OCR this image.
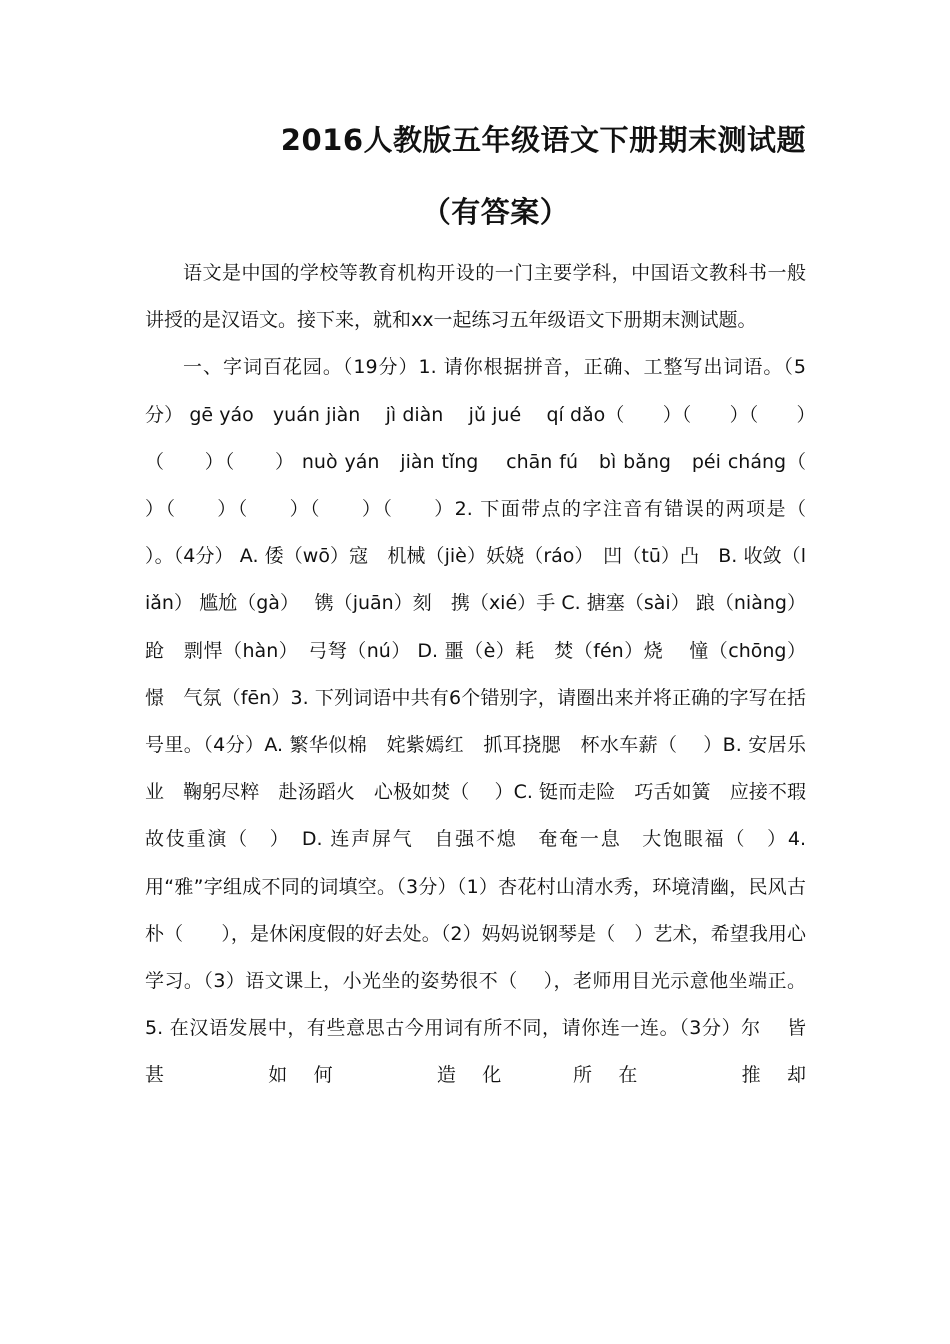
2016人教版五年级语文下册期末测试题
（有答案）

语文是中国的学校等教育机构开设的一门主要学科，中国语文教科书一般讲授的是汉语文。接下来，就和xx一起练习五年级语文下册期末测试题。

一、字词百花园。（19分）1. 请你根据拼音，正确、工整写出词语。（5分） gē yáo　yuán jiàn　 jì diàn　 jǔ jué　 qí dǎo（　　）（　　）（　　）（　　）（　　） nuò yán　jiàn tǐng　 chān fú　bì bǎng　péi cháng（　　）（　　）（　　）（　　）（　　）2. 下面带点的字注音有错误的两项是（　　）。（4分） A. 倭（wō）寇　机械（jiè）妖娆（ráo）　凹（tū）凸　B. 收敛（liǎn） 尴尬（gà）　 镌（juān）刻　携（xié）手 C. 搪塞（sài） 踉（niàng）跄　剽悍（hàn）　弓弩（nú） D. 噩（è）耗　焚（fén）烧　 憧（chōng）憬　气氛（fēn）3. 下列词语中共有6个错别字，请圈出来并将正确的字写在括号里。（4分）A. 繁华似棉　姹紫嫣红　抓耳挠腮　杯水车薪（　 ）B. 安居乐业　鞠躬尽粹　赴汤蹈火　心极如焚（　 ）C. 铤而走险　巧舌如簧　应接不瑕　故伎重演（　）　D. 连声屏气　自强不熄　奄奄一息　大饱眼福（　）4. 用“雅”字组成不同的词填空。（3分）（1）杏花村山清水秀，环境清幽，民风古朴（　　），是休闲度假的好去处。（2）妈妈说钢琴是（　）艺术，希望我用心学习。（3）语文课上，小光坐的姿势很不（　 ），老师用目光示意他坐端正。5. 在汉语发展中，有些意思古今用词有所不同，请你连一连。（3分）尔　 皆　 甚　 如何　 造化　所在　 推却
